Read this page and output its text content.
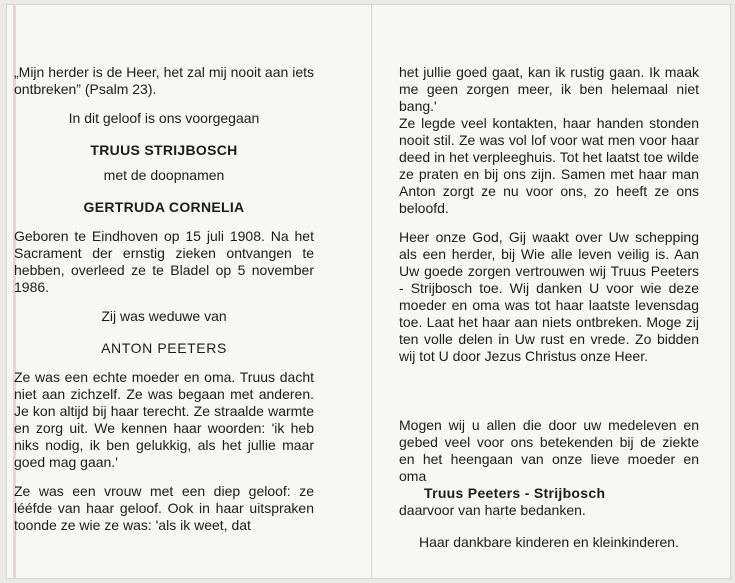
„Mijn herder is de Heer, het zal mij nooit aan iets ontbreken” (Psalm 23).

In dit geloof is ons voorgegaan

TRUUS STRIJBOSCH

met de doopnamen

GERTRUDA CORNELIA

Geboren te Eindhoven op 15 juli 1908. Na het Sacrament der ernstig zieken ontvangen te hebben, overleed ze te Bladel op 5 november 1986.

Zij was weduwe van

ANTON PEETERS

Ze was een echte moeder en oma. Truus dacht niet aan zichzelf. Ze was begaan met anderen. Je kon altijd bij haar terecht. Ze straalde warmte en zorg uit. We kennen haar woorden: 'ik heb niks nodig, ik ben gelukkig, als het jullie maar goed mag gaan.'

Ze was een vrouw met een diep geloof: ze lééfde van haar geloof. Ook in haar uitspraken toonde ze wie ze was: 'als ik weet, dat

het jullie goed gaat, kan ik rustig gaan. Ik maak me geen zorgen meer, ik ben helemaal niet bang.'

Ze legde veel kontakten, haar handen stonden nooit stil. Ze was vol lof voor wat men voor haar deed in het verpleeghuis. Tot het laatst toe wilde ze praten en bij ons zijn. Samen met haar man Anton zorgt ze nu voor ons, zo heeft ze ons beloofd.

Heer onze God, Gij waakt over Uw schepping als een herder, bij Wie alle leven veilig is. Aan Uw goede zorgen vertrouwen wij Truus Peeters - Strijbosch toe. Wij danken U voor wie deze moeder en oma was tot haar laatste levensdag toe. Laat het haar aan niets ontbreken. Moge zij ten volle delen in Uw rust en vrede. Zo bidden wij tot U door Jezus Christus onze Heer.

Mogen wij u allen die door uw medeleven en gebed veel voor ons betekenden bij de ziekte en het heengaan van onze lieve moeder en oma

Truus Peeters - Strijbosch

daarvoor van harte bedanken.

Haar dankbare kinderen en kleinkinderen.
